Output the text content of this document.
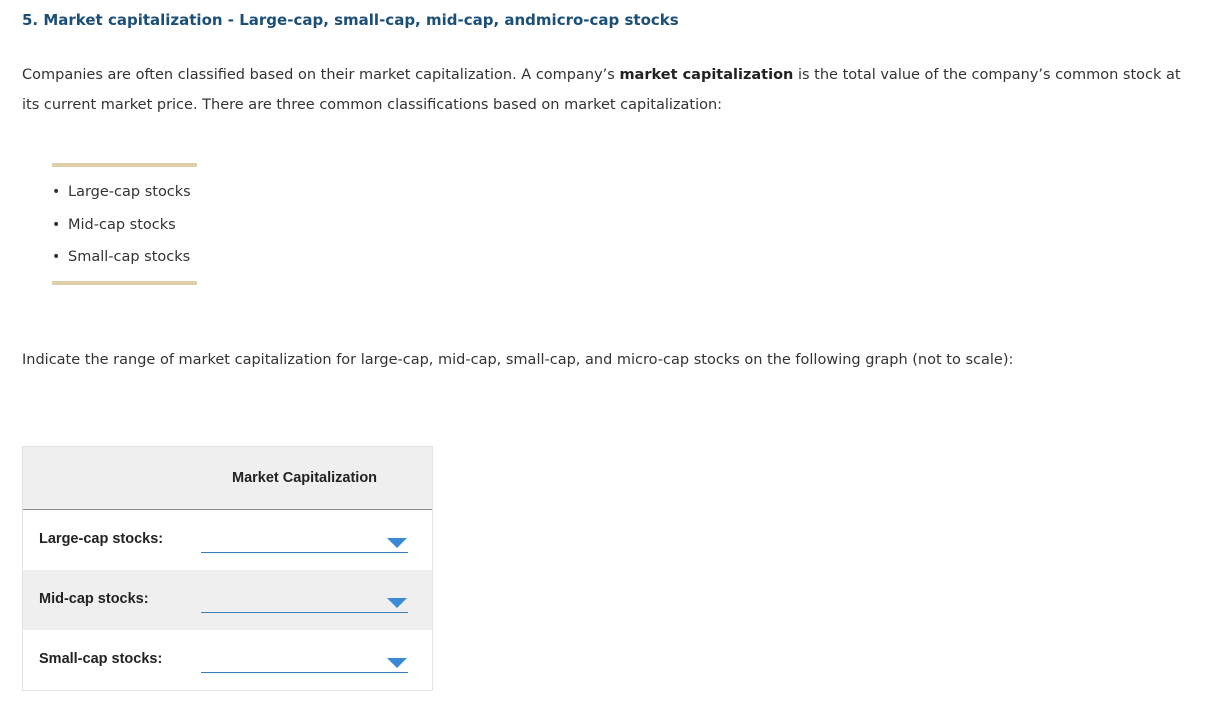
5. Market capitalization - Large-cap, small-cap, mid-cap, andmicro-cap stocks
Companies are often classified based on their market capitalization. A company’s market capitalization is the total value of the company’s common stock at its current market price. There are three common classifications based on market capitalization:
• Large-cap stocks
• Mid-cap stocks
• Small-cap stocks
Indicate the range of market capitalization for large-cap, mid-cap, small-cap, and micro-cap stocks on the following graph (not to scale):
Market Capitalization
Large-cap stocks:
Mid-cap stocks:
Small-cap stocks:
